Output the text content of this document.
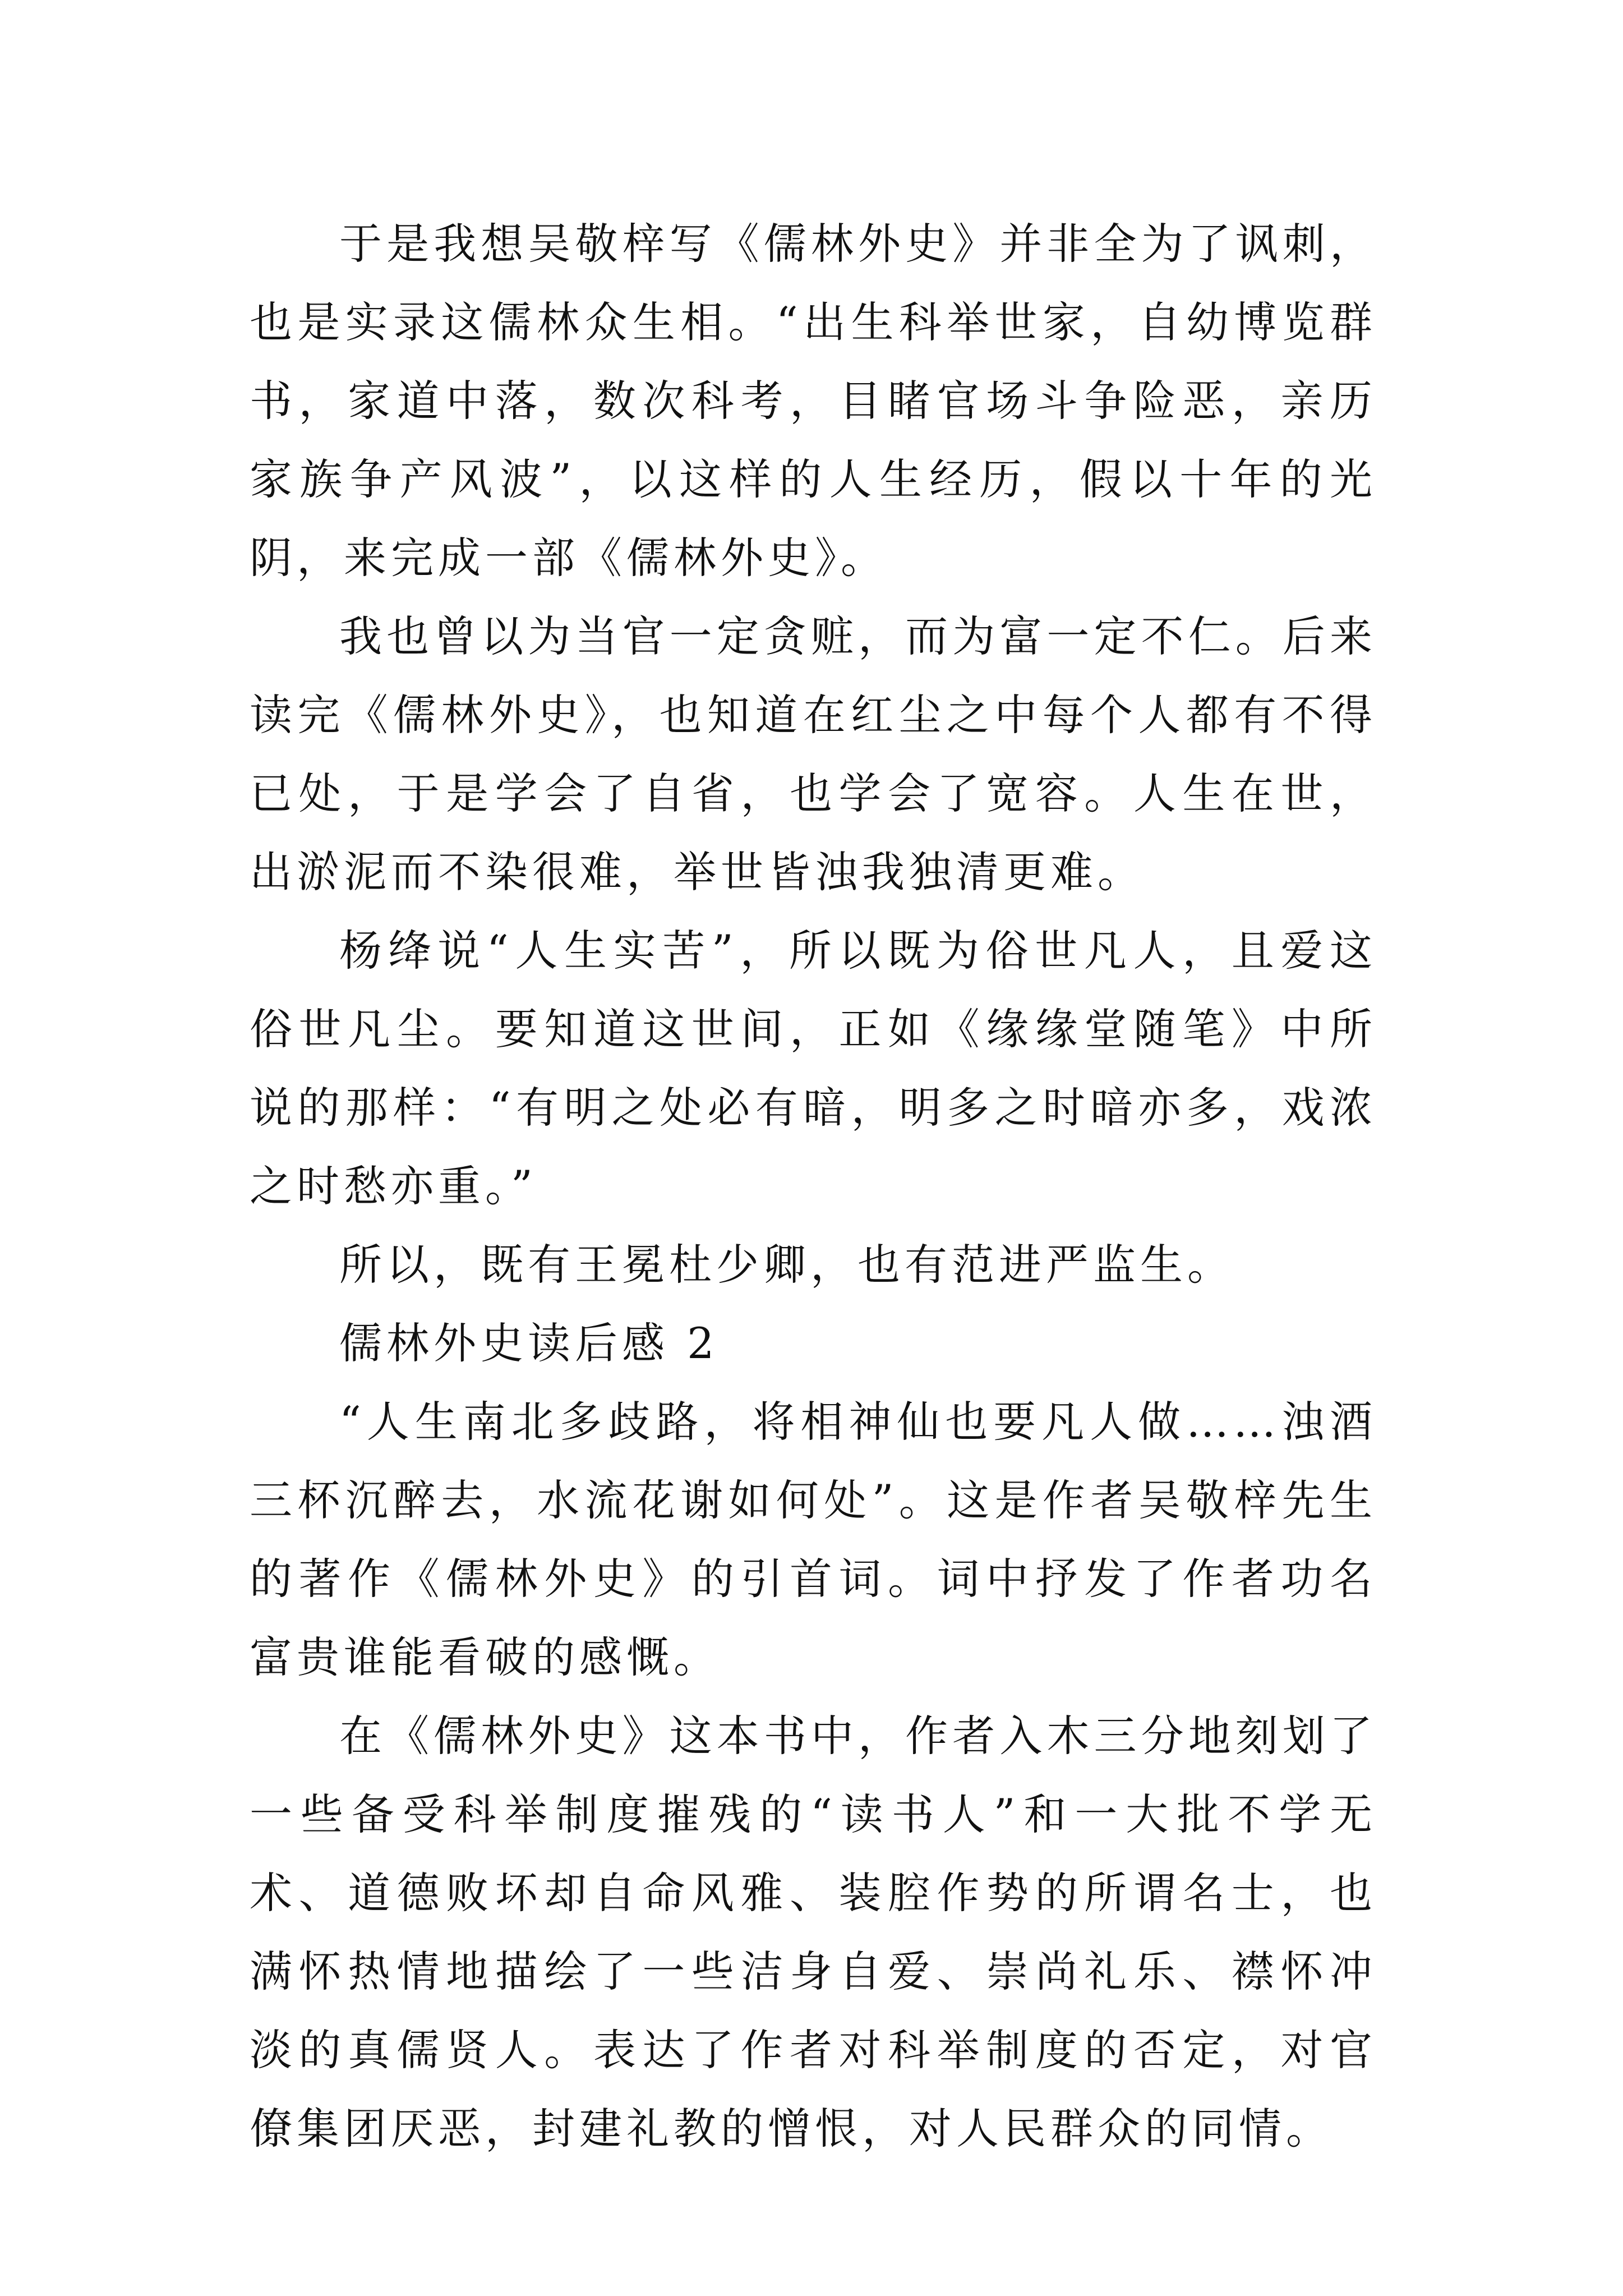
于是我想吴敬梓写《儒林外史》并非全为了讽刺，也是实录这儒林众生相。“出生科举世家，自幼博览群书，家道中落，数次科考，目睹官场斗争险恶，亲历家族争产风波”，以这样的人生经历，假以十年的光阴，来完成一部《儒林外史》。

我也曾以为当官一定贪赃，而为富一定不仁。后来读完《儒林外史》，也知道在红尘之中每个人都有不得已处，于是学会了自省，也学会了宽容。人生在世，出淤泥而不染很难，举世皆浊我独清更难。

杨绛说“人生实苦”，所以既为俗世凡人，且爱这俗世凡尘。要知道这世间，正如《缘缘堂随笔》中所说的那样：“有明之处必有暗，明多之时暗亦多，戏浓之时愁亦重。”

所以，既有王冕杜少卿，也有范进严监生。

儒林外史读后感 2

“人生南北多歧路，将相神仙也要凡人做……浊酒三杯沉醉去，水流花谢如何处”。这是作者吴敬梓先生的著作《儒林外史》的引首词。词中抒发了作者功名富贵谁能看破的感慨。

在《儒林外史》这本书中，作者入木三分地刻划了一些备受科举制度摧残的“读书人”和一大批不学无术、道德败坏却自命风雅、装腔作势的所谓名士，也满怀热情地描绘了一些洁身自爱、崇尚礼乐、襟怀冲淡的真儒贤人。表达了作者对科举制度的否定，对官僚集团厌恶，封建礼教的憎恨，对人民群众的同情。
